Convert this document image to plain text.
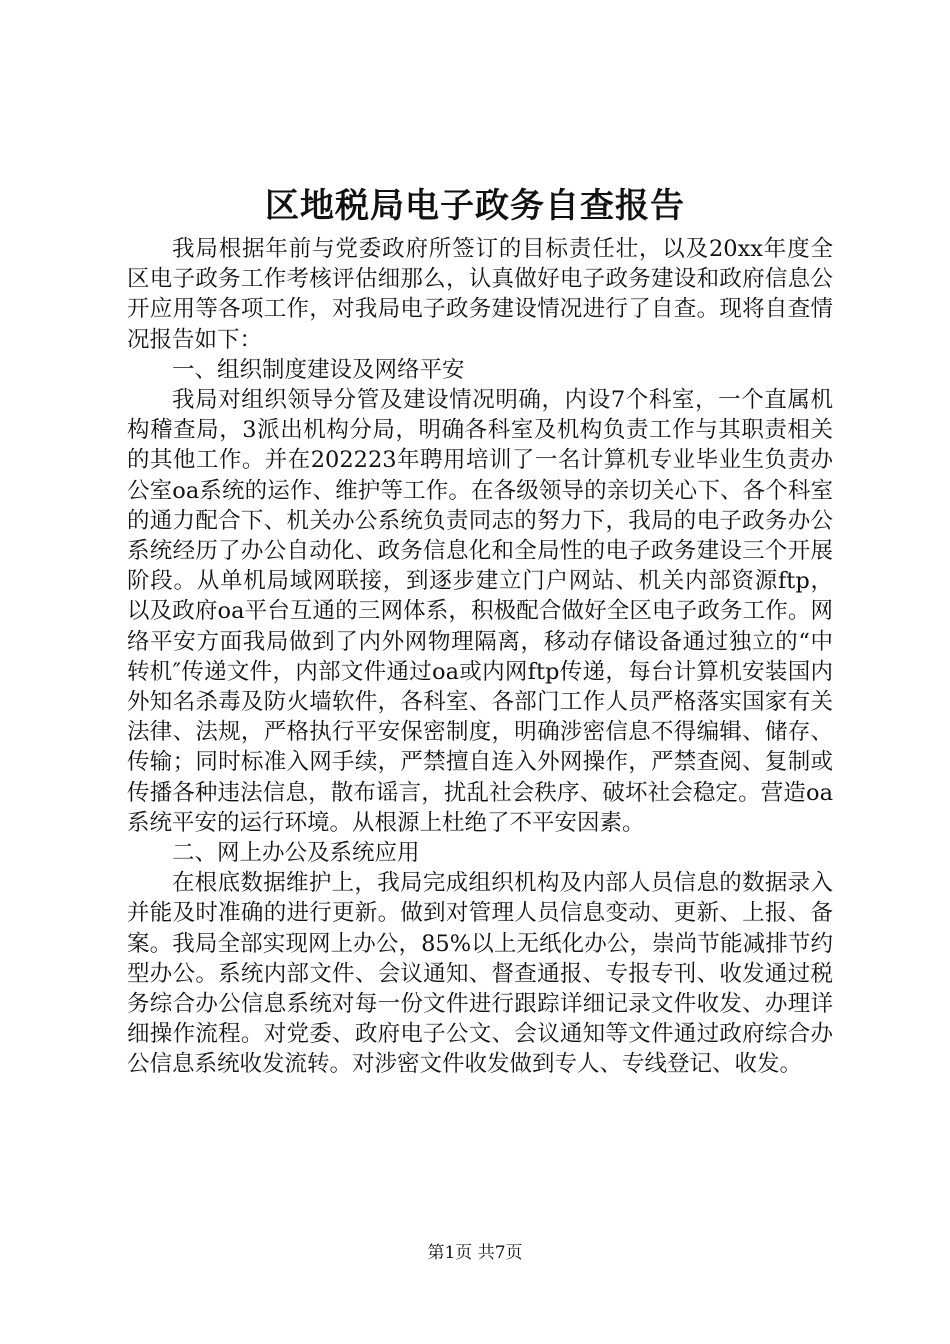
区地税局电子政务自查报告

我局根据年前与党委政府所签订的目标责任壮，以及20xx年度全区电子政务工作考核评估细那么，认真做好电子政务建设和政府信息公开应用等各项工作，对我局电子政务建设情况进行了自查。现将自查情况报告如下：

一、组织制度建设及网络平安

我局对组织领导分管及建设情况明确，内设7个科室，一个直属机构稽查局，3派出机构分局，明确各科室及机构负责工作与其职责相关的其他工作。并在202223年聘用培训了一名计算机专业毕业生负责办公室oa系统的运作、维护等工作。在各级领导的亲切关心下、各个科室的通力配合下、机关办公系统负责同志的努力下，我局的电子政务办公系统经历了办公自动化、政务信息化和全局性的电子政务建设三个开展阶段。从单机局域网联接，到逐步建立门户网站、机关内部资源ftp，以及政府oa平台互通的三网体系，积极配合做好全区电子政务工作。网络平安方面我局做到了内外网物理隔离，移动存储设备通过独立的“中转机″传递文件，内部文件通过oa或内网ftp传递，每台计算机安装国内外知名杀毒及防火墙软件，各科室、各部门工作人员严格落实国家有关法律、法规，严格执行平安保密制度，明确涉密信息不得编辑、储存、传输；同时标准入网手续，严禁擅自连入外网操作，严禁查阅、复制或传播各种违法信息，散布谣言，扰乱社会秩序、破坏社会稳定。营造oa系统平安的运行环境。从根源上杜绝了不平安因素。

二、网上办公及系统应用

在根底数据维护上，我局完成组织机构及内部人员信息的数据录入并能及时准确的进行更新。做到对管理人员信息变动、更新、上报、备案。我局全部实现网上办公，85%以上无纸化办公，崇尚节能减排节约型办公。系统内部文件、会议通知、督查通报、专报专刊、收发通过税务综合办公信息系统对每一份文件进行跟踪详细记录文件收发、办理详细操作流程。对党委、政府电子公文、会议通知等文件通过政府综合办公信息系统收发流转。对涉密文件收发做到专人、专线登记、收发。

第1页 共7页
